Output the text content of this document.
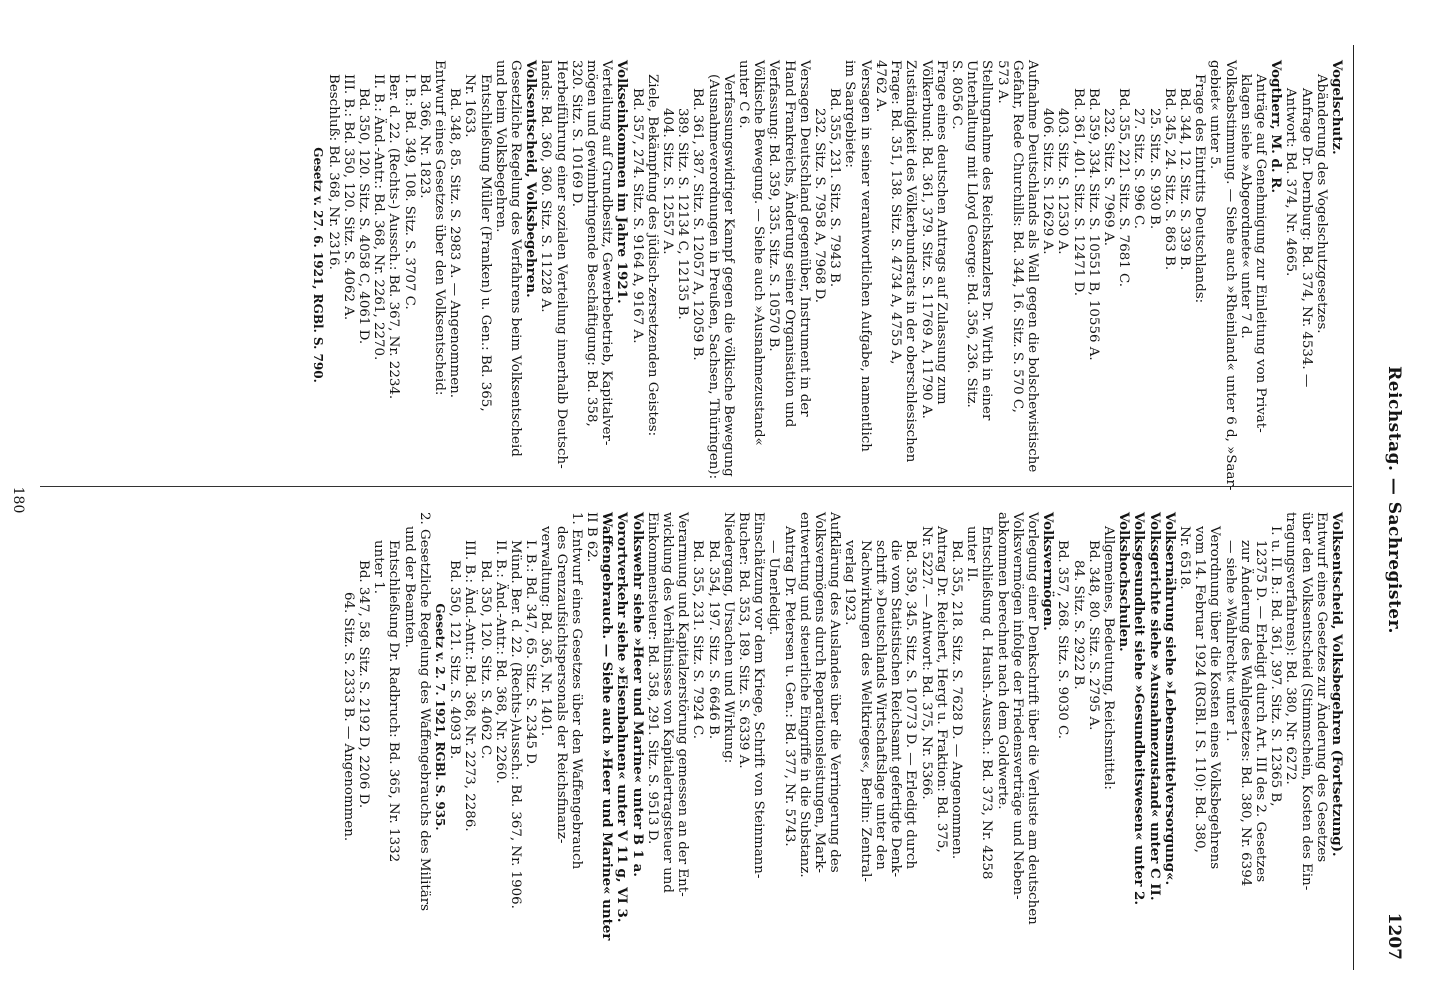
Reichstag. — Sachregister.
1207
Vogelschutz.
Abänderung des Vogelschutzgesetzes.
Anfrage Dr. Dernburg: Bd. 374, Nr. 4534. —
Antwort: Bd. 374, Nr. 4665.
Vogtherr, M. d. R.
Anträge auf Genehmigung zur Einleitung von Privat-
klagen siehe »Abgeordnete« unter 7 d.
Volksabstimmung. — Siehe auch »Rheinland« unter 6 d, »Saar-
gebiet« unter 5.
Frage des Eintritts Deutschlands:
Bd. 344, 12. Sitz. S. 339 B.
Bd. 345, 24. Sitz. S. 863 B.
25. Sitz. S. 930 B.
27. Sitz. S. 996 C.
Bd. 355, 221. Sitz. S. 7681 C.
232. Sitz. S. 7969 A.
Bd. 359, 334. Sitz. S. 10551 B, 10556 A.
Bd. 361, 401. Sitz. S. 12471 D.
403. Sitz. S. 12530 A.
406. Sitz. S. 12629 A.
Aufnahme Deutschlands als Wall gegen die bolschewistische
Gefahr, Rede Churchills: Bd. 344, 16. Sitz. S. 570 C,
573 A.
Stellungnahme des Reichskanzlers Dr. Wirth in einer
Unterhaltung mit Lloyd George: Bd. 356, 236. Sitz.
S. 8056 C.
Frage eines deutschen Antrags auf Zulassung zum
Völkerbund: Bd. 361, 379. Sitz. S. 11769 A, 11790 A.
Zuständigkeit des Völkerbundsrats in der oberschlesischen
Frage: Bd. 351, 138. Sitz. S. 4734 A, 4755 A,
4762 A.
Versagen in seiner verantwortlichen Aufgabe, namentlich
im Saargebiete:
Bd. 355, 231. Sitz. S. 7943 B.
232. Sitz. S. 7958 A, 7968 D.
Versagen Deutschland gegenüber, Instrument in der
Hand Frankreichs, Änderung seiner Organisation und
Verfassung: Bd. 359, 335. Sitz. S. 10570 B.
Völkische Bewegung. — Siehe auch »Ausnahmezustand«
unter C 6.
Verfassungswidriger Kampf gegen die völkische Bewegung
(Ausnahmeverordnungen in Preußen, Sachsen, Thüringen):
Bd. 361, 387. Sitz. S. 12057 A, 12059 B.
389. Sitz. S. 12134 C, 12135 B.
404. Sitz. S. 12557 A.
Ziele, Bekämpfung des jüdisch-zersetzenden Geistes:
Bd. 357, 274. Sitz. S. 9164 A, 9167 A.
Volkseinkommen im Jahre 1921.
Verteilung auf Grundbesitz, Gewerbebetrieb, Kapitalver-
mögen und gewinnbringende Beschäftigung: Bd. 358,
320. Sitz. S. 10169 D.
Herbeiführung einer sozialen Verteilung innerhalb Deutsch-
lands: Bd. 360, 360. Sitz. S. 11228 A.
Volksentscheid, Volksbegehren.
Gesetzliche Regelung des Verfahrens beim Volksentscheid
und beim Volksbegehren.
Entschließung Müller (Franken) u. Gen.: Bd. 365,
Nr. 1633.
Bd. 348, 85. Sitz. S. 2983 A. — Angenommen.
Entwurf eines Gesetzes über den Volksentscheid:
Bd. 366, Nr. 1823.
I. B.: Bd. 349, 108. Sitz. S. 3707 C.
Ber. d. 22. (Rechts-) Aussch.: Bd. 367, Nr. 2234.
II. B.: Änd.-Antr.: Bd. 368, Nr. 2261, 2270.
Bd. 350, 120. Sitz. S. 4058 C, 4061 D.
III. B.: Bd. 350, 120. Sitz. S. 4062 A.
Beschluß: Bd. 368, Nr. 2316.
Gesetz v. 27. 6. 1921, RGBl. S. 790.
Volksentscheid, Volksbegehren (Fortsetzung).
Entwurf eines Gesetzes zur Änderung des Gesetzes
über den Volksentscheid (Stimmschein, Kosten des Ein-
tragungsverfahrens): Bd. 380, Nr. 6272.
I. u. II. B.: Bd. 361, 397. Sitz. S. 12365 B,
12375 D. — Erledigt durch Art. III des 2. Gesetzes
zur Änderung des Wahlgesetzes: Bd. 380, Nr. 6394
— siehe »Wahlrecht« unter 1.
Verordnung über die Kosten eines Volksbegehrens
vom 14. Februar 1924 (RGBl. I S. 110): Bd. 380,
Nr. 6518.
Volksernährung siehe »Lebensmittelversorgung«.
Volksgerichte siehe »Ausnahmezustand« unter C II.
Volksgesundheit siehe »Gesundheitswesen« unter 2.
Volkshochschulen.
Allgemeines, Bedeutung, Reichsmittel:
Bd. 348, 80. Sitz. S. 2795 A.
84. Sitz. S. 2922 B.
Bd. 357, 268. Sitz. S. 9030 C.
Volksvermögen.
Vorlegung einer Denkschrift über die Verluste am deutschen
Volksvermögen infolge der Friedensverträge und Neben-
abkommen berechnet nach dem Goldwerte.
Entschließung d. Haush.-Aussch.: Bd. 373, Nr. 4258
unter II.
Bd. 355, 218. Sitz. S. 7628 D. — Angenommen.
Antrag Dr. Reichert, Hergt u. Fraktion: Bd. 375,
Nr. 5227. — Antwort: Bd. 375, Nr. 5366.
Bd. 359, 345. Sitz. S. 10773 D. — Erledigt durch
die vom Statistischen Reichsamt gefertigte Denk-
schrift »Deutschlands Wirtschaftslage unter den
Nachwirkungen des Weltkrieges«, Berlin: Zentral-
verlag 1923.
Aufklärung des Auslandes über die Verringerung des
Volksvermögens durch Reparationsleistungen, Mark-
entwertung und steuerliche Eingriffe in die Substanz.
Antrag Dr. Petersen u. Gen.: Bd. 377, Nr. 5743.
— Unerledigt.
Einschätzung vor dem Kriege, Schrift von Steinmann-
Bucher: Bd. 353, 189. Sitz. S. 6339 A.
Niedergang, Ursachen und Wirkung:
Bd. 354, 197. Sitz. S. 6646 B.
Bd. 355, 231. Sitz. S. 7924 C.
Verarmung und Kapitalzerstörung gemessen an der Ent-
wicklung des Verhältnisses von Kapitalertragsteuer und
Einkommensteuer: Bd. 358, 291. Sitz. S. 9513 D.
Volkswehr siehe »Heer und Marine« unter B 1 a.
Vorortverkehr siehe »Eisenbahnen« unter V 11 g, VI 3.
Waffengebrauch. — Siehe auch »Heer und Marine« unter
II B 62.
1. Entwurf eines Gesetzes über den Waffengebrauch
des Grenzaufsichtspersonals der Reichsfinanz-
verwaltung: Bd. 365, Nr. 1401.
I. B.: Bd. 347, 65. Sitz. S. 2345 D.
Münd. Ber. d. 22. (Rechts-)Aussch.: Bd. 367, Nr. 1906.
II. B.: Änd.-Antr.: Bd. 368, Nr. 2260.
Bd. 350, 120. Sitz. S. 4062 C.
III. B.: Änd.-Antr.: Bd. 368, Nr. 2273, 2286.
Bd. 350, 121. Sitz. S. 4093 B.
Gesetz v. 2. 7. 1921, RGBl. S. 935.
2. Gesetzliche Regelung des Waffengebrauchs des Militärs
und der Beamten.
Entschließung Dr. Radbruch: Bd. 365, Nr. 1332
unter 1.
Bd. 347, 58. Sitz. S. 2192 D, 2206 D.
64. Sitz. S. 2333 B. — Angenommen.
180
